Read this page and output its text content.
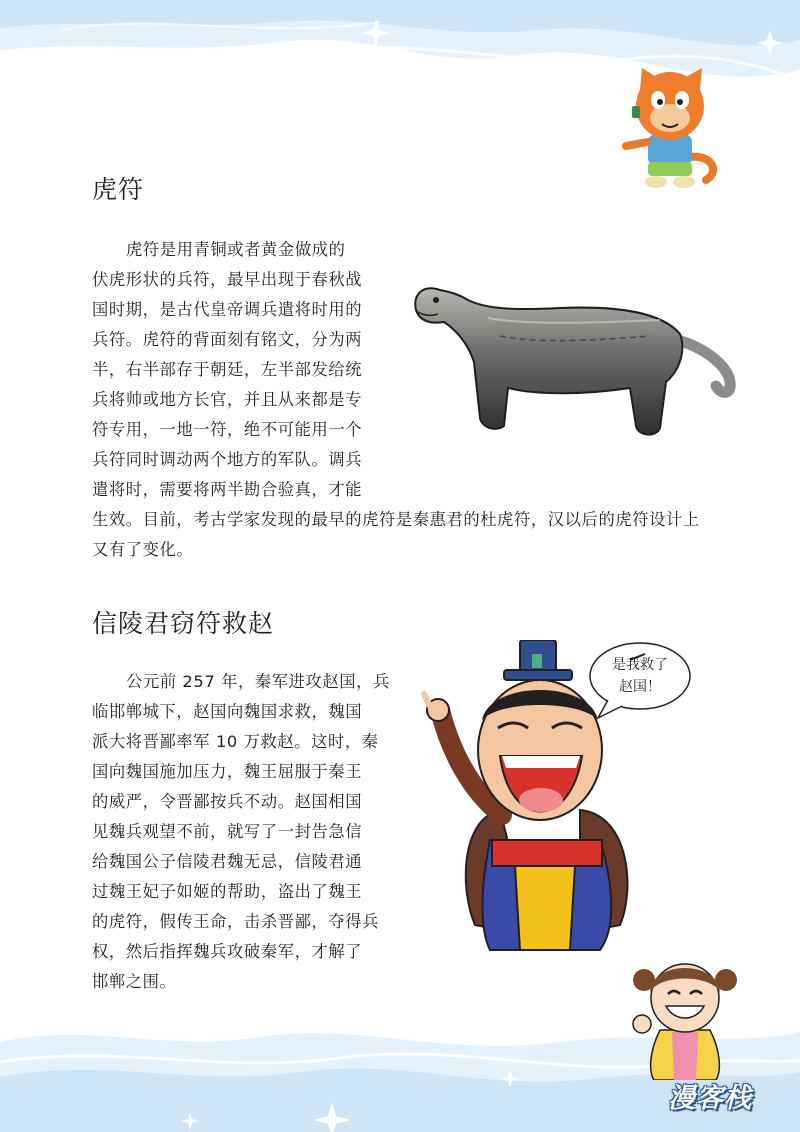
虎符
虎符是用青铜或者黄金做成的
伏虎形状的兵符，最早出现于春秋战
国时期，是古代皇帝调兵遣将时用的
兵符。虎符的背面刻有铭文，分为两
半，右半部存于朝廷，左半部发给统
兵将帅或地方长官，并且从来都是专
符专用，一地一符，绝不可能用一个
兵符同时调动两个地方的军队。调兵
遣将时，需要将两半勘合验真，才能
生效。目前，考古学家发现的最早的虎符是秦惠君的杜虎符，汉以后的虎符设计上
又有了变化。
信陵君窃符救赵
公元前 257 年，秦军进攻赵国，兵
临邯郸城下，赵国向魏国求救，魏国
派大将晋鄙率军 10 万救赵。这时，秦
国向魏国施加压力，魏王屈服于秦王
的威严，令晋鄙按兵不动。赵国相国
见魏兵观望不前，就写了一封告急信
给魏国公子信陵君魏无忌，信陵君通
过魏王妃子如姬的帮助，盗出了魏王
的虎符，假传王命，击杀晋鄙，夺得兵
权，然后指挥魏兵攻破秦军，才解了
邯郸之围。
是我救了
赵国！
漫客栈
